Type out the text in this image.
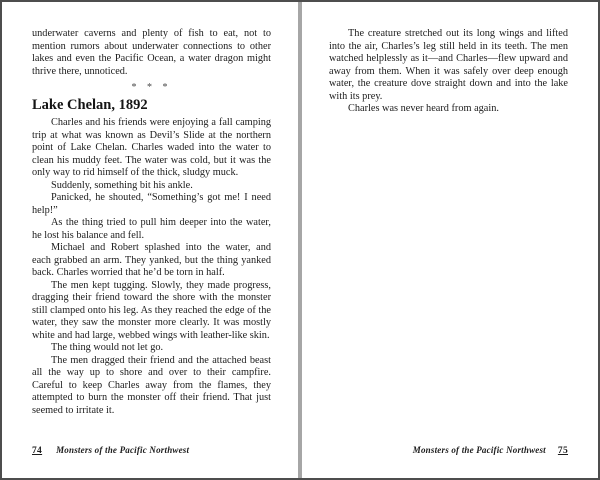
underwater caverns and plenty of fish to eat, not to mention rumors about underwater connections to other lakes and even the Pacific Ocean, a water dragon might thrive there, unnoticed.

* * *
Lake Chelan, 1892

Charles and his friends were enjoying a fall camping trip at what was known as Devil’s Slide at the northern point of Lake Chelan. Charles waded into the water to clean his muddy feet. The water was cold, but it was the only way to rid himself of the thick, sludgy muck.

Suddenly, something bit his ankle.

Panicked, he shouted, “Something’s got me! I need help!”

As the thing tried to pull him deeper into the water, he lost his balance and fell.

Michael and Robert splashed into the water, and each grabbed an arm. They yanked, but the thing yanked back. Charles worried that he’d be torn in half.

The men kept tugging. Slowly, they made progress, dragging their friend toward the shore with the monster still clamped onto his leg. As they reached the edge of the water, they saw the monster more clearly. It was mostly white and had large, webbed wings with leather-like skin.

The thing would not let go.

The men dragged their friend and the attached beast all the way up to shore and over to their campfire. Careful to keep Charles away from the flames, they attempted to burn the monster off their friend. That just seemed to irritate it.

74 Monsters of the Pacific Northwest

The creature stretched out its long wings and lifted into the air, Charles’s leg still held in its teeth. The men watched helplessly as it—and Charles—flew upward and away from them. When it was safely over deep enough water, the creature dove straight down and into the lake with its prey.

Charles was never heard from again.

Monsters of the Pacific Northwest 75
